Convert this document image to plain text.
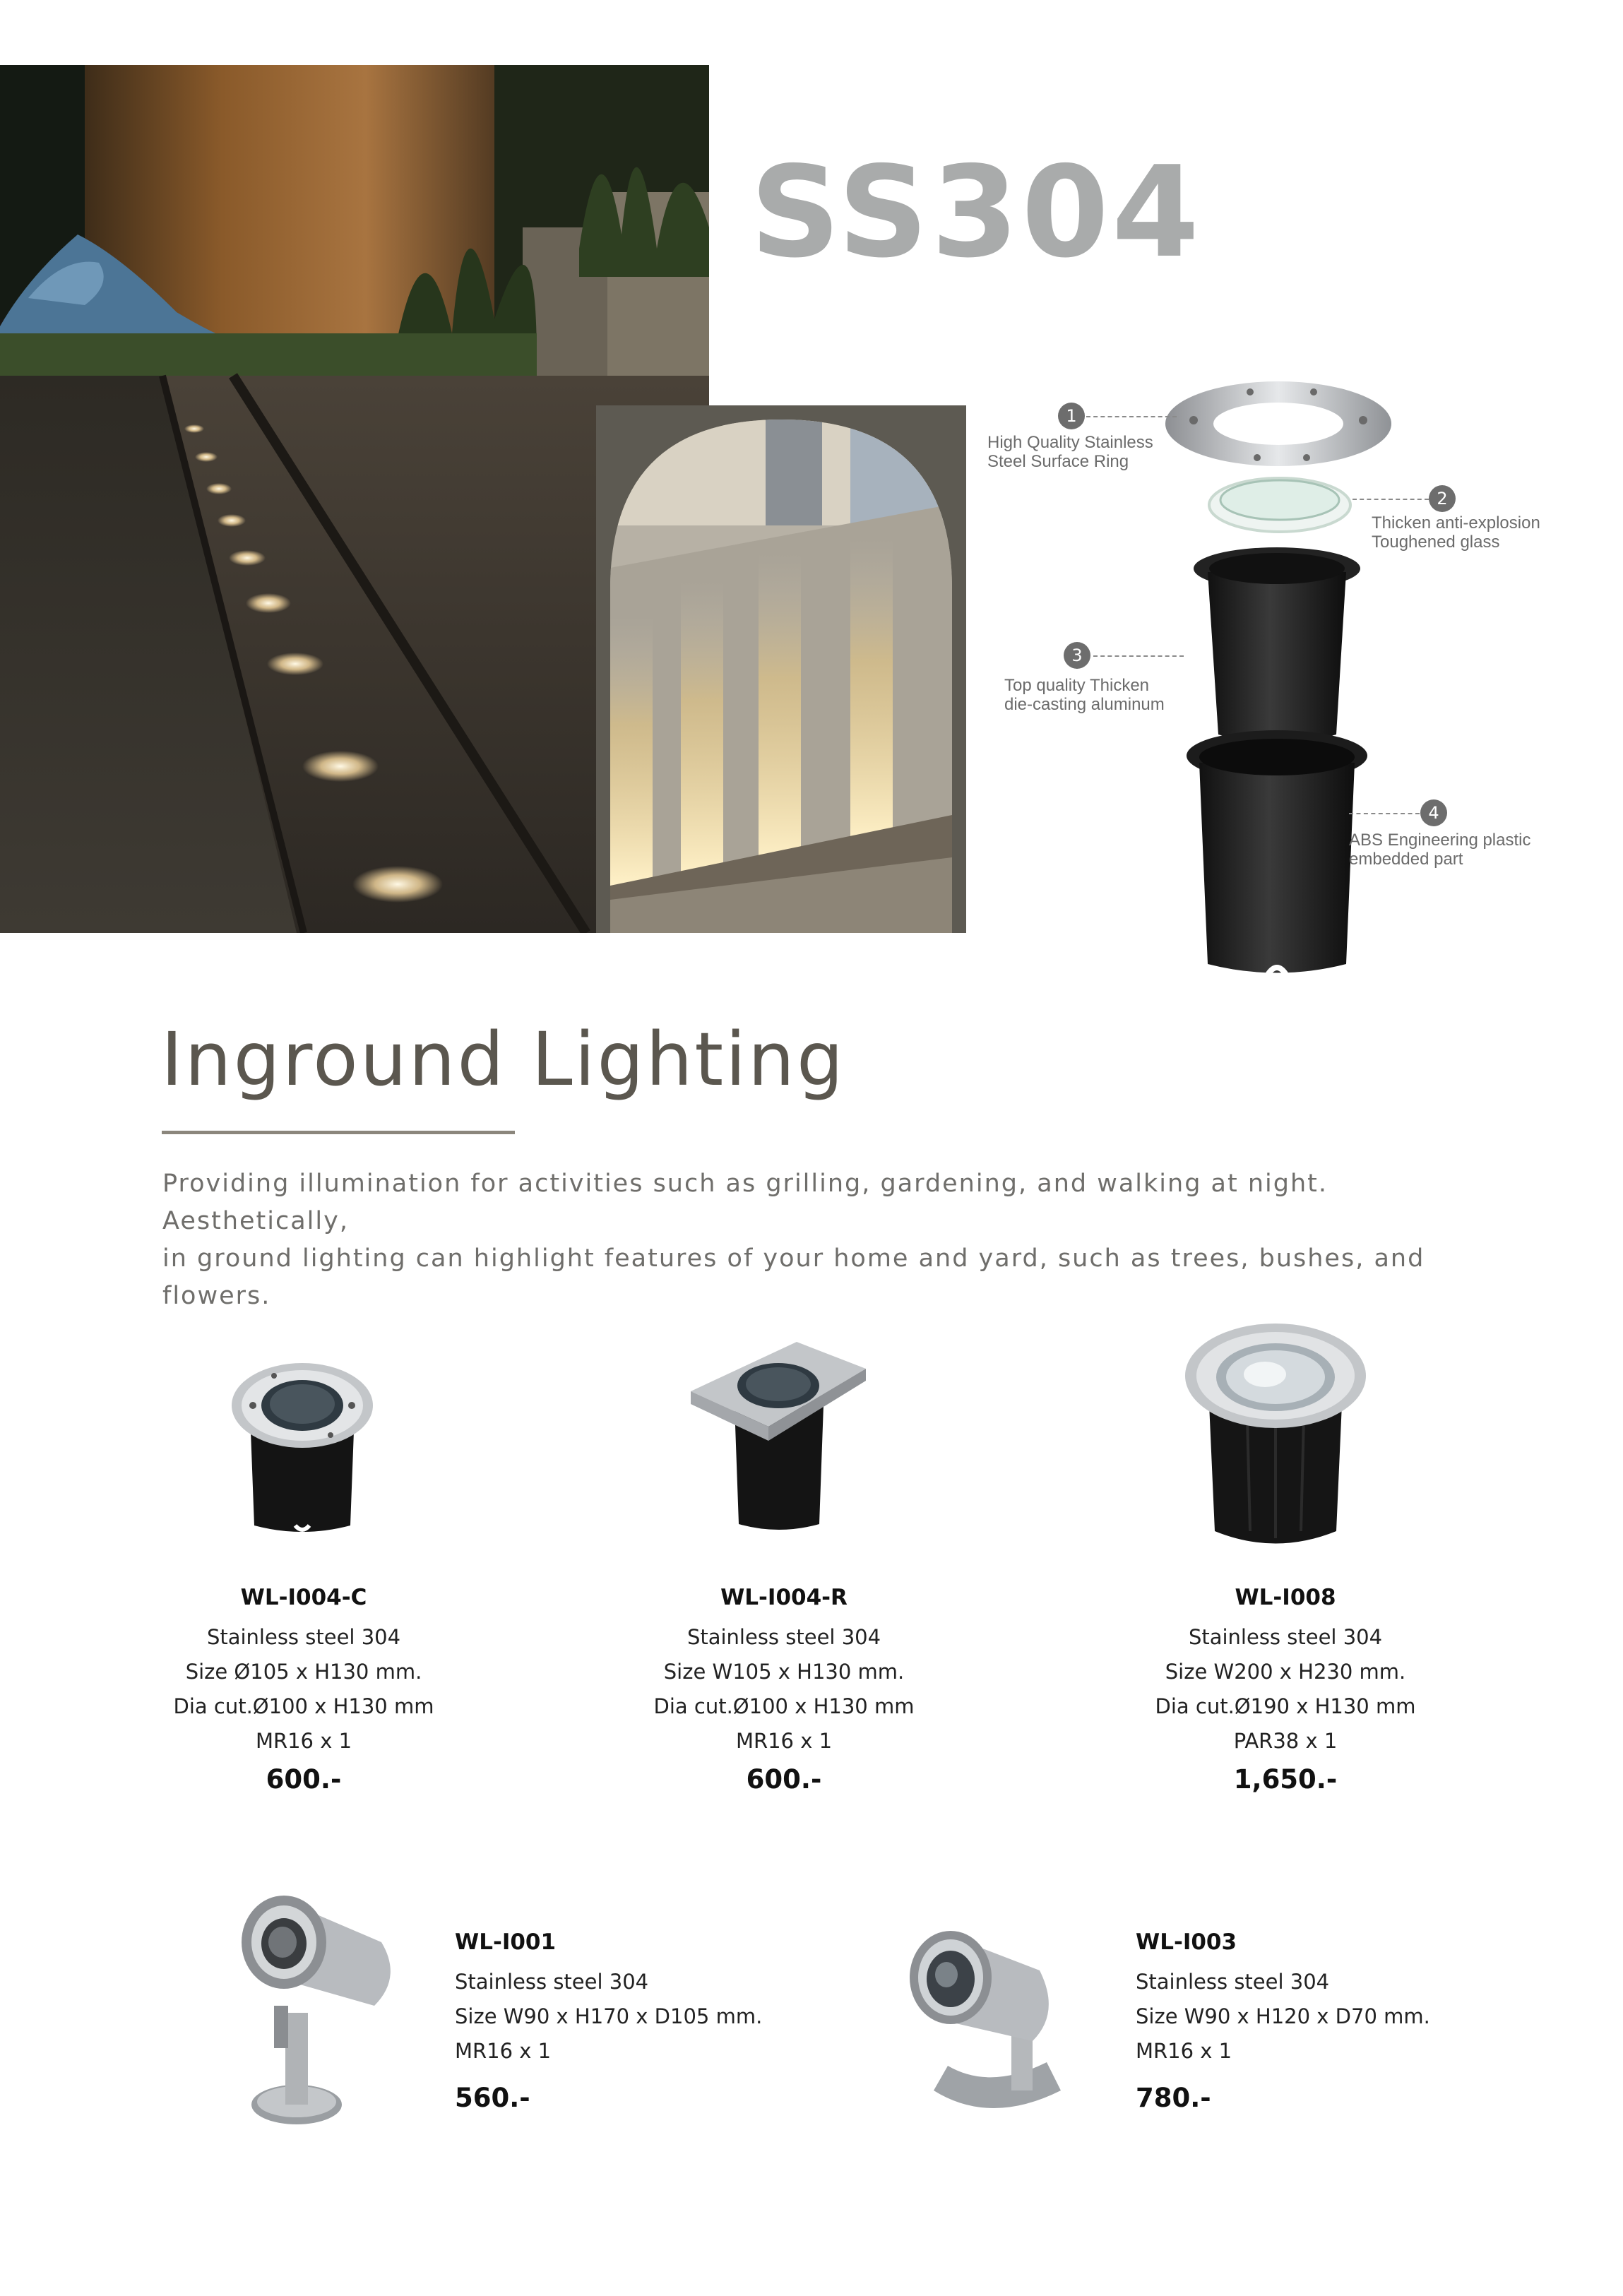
SS304
1
High Quality Stainless
Steel Surface Ring
2
Thicken anti-explosion
Toughened glass
3
Top quality Thicken
die-casting aluminum
4
ABS Engineering plastic
embedded part
Inground Lighting
Providing illumination for activities such as grilling, gardening, and walking at night. Aesthetically,
in ground lighting can highlight features of your home and yard, such as trees, bushes, and flowers.
WL-I004-C
Stainless steel 304
Size Ø105 x H130 mm.
Dia cut.Ø100 x H130 mm
MR16 x 1
600.-
WL-I004-R
Stainless steel 304
Size W105 x H130 mm.
Dia cut.Ø100 x H130 mm
MR16 x 1
600.-
WL-I008
Stainless steel 304
Size W200 x H230 mm.
Dia cut.Ø190 x H130 mm
PAR38 x 1
1,650.-
WL-I001
Stainless steel 304
Size W90 x H170 x D105 mm.
MR16 x 1
560.-
WL-I003
Stainless steel 304
Size W90 x H120 x D70 mm.
MR16 x 1
780.-
